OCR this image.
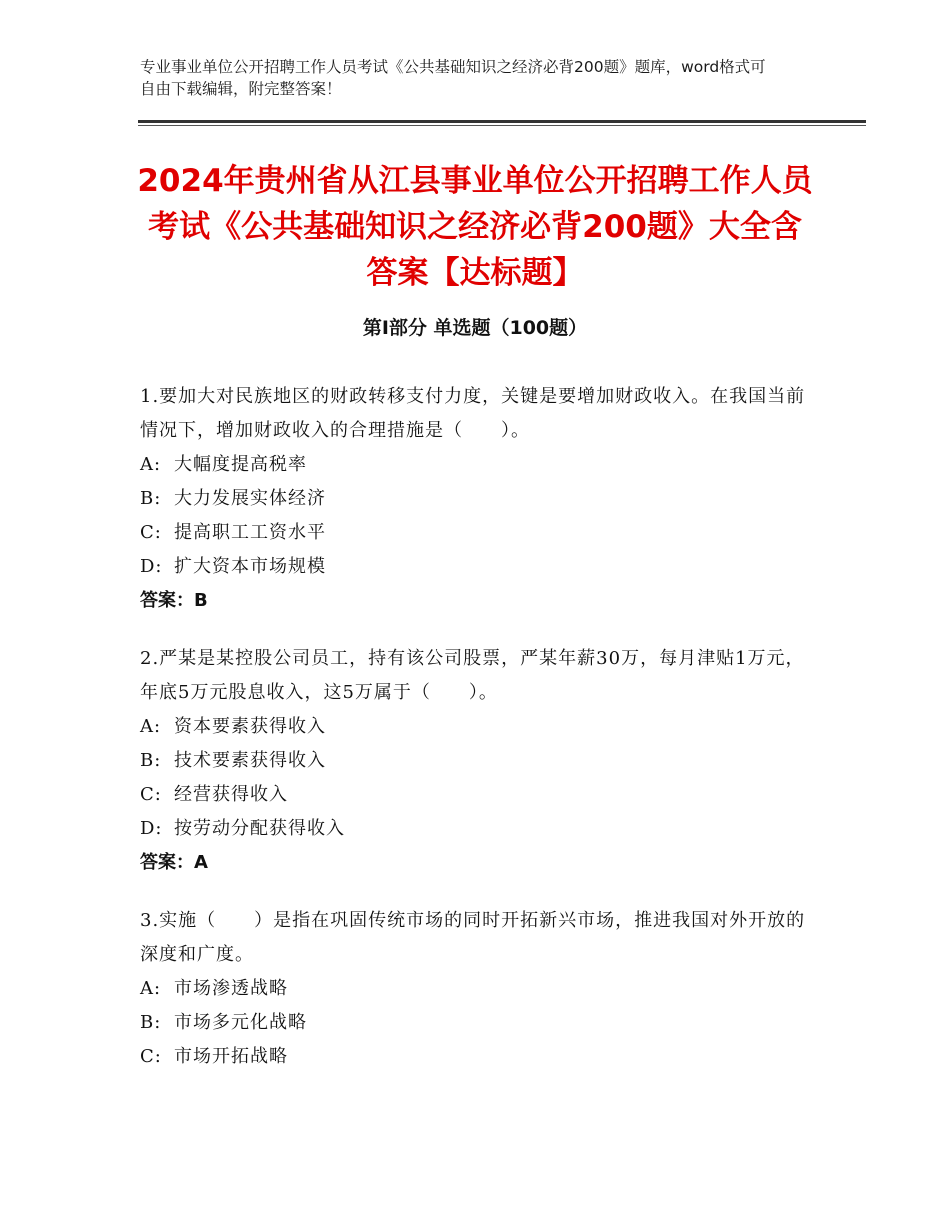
专业事业单位公开招聘工作人员考试《公共基础知识之经济必背200题》题库，word格式可自由下载编辑，附完整答案！
2024年贵州省从江县事业单位公开招聘工作人员考试《公共基础知识之经济必背200题》大全含答案【达标题】
第Ⅰ部分 单选题（100题）
1.要加大对民族地区的财政转移支付力度，关键是要增加财政收入。在我国当前情况下，增加财政收入的合理措施是（　　）。
A: 大幅度提高税率
B: 大力发展实体经济
C: 提高职工工资水平
D: 扩大资本市场规模
答案：B
2.严某是某控股公司员工，持有该公司股票，严某年薪30万，每月津贴1万元，年底5万元股息收入，这5万属于（　　）。
A: 资本要素获得收入
B: 技术要素获得收入
C: 经营获得收入
D: 按劳动分配获得收入
答案：A
3.实施（　　）是指在巩固传统市场的同时开拓新兴市场，推进我国对外开放的深度和广度。
A: 市场渗透战略
B: 市场多元化战略
C: 市场开拓战略
